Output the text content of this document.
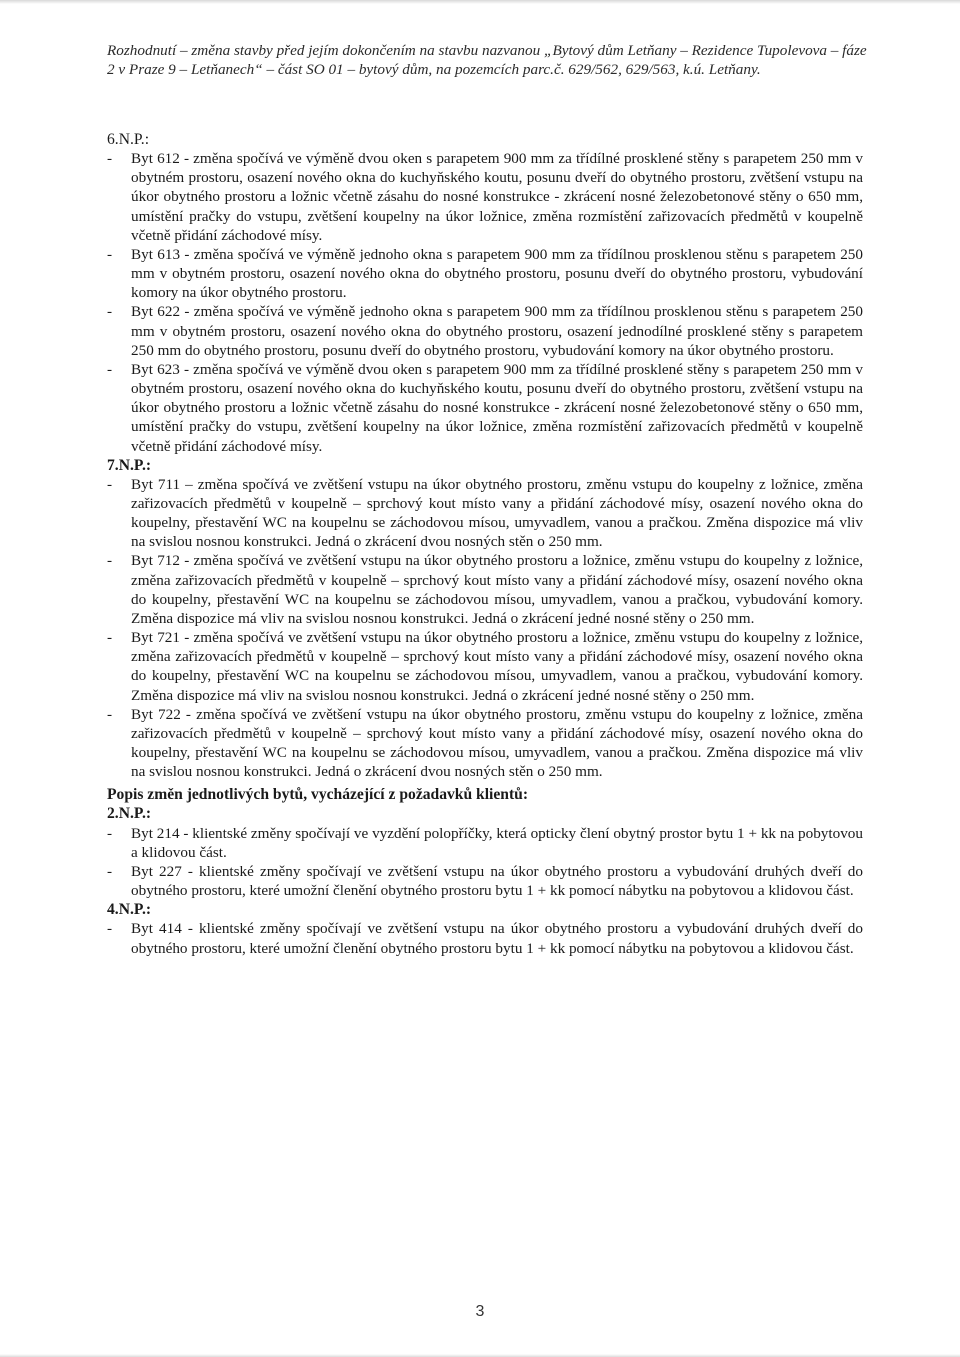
Rozhodnutí – změna stavby před jejím dokončením na stavbu nazvanou „Bytový dům Letňany – Rezidence Tupolevova – fáze 2 v Praze 9 – Letňanech“ – část SO 01 – bytový dům, na pozemcích parc.č. 629/562, 629/563, k.ú. Letňany.

6.N.P.:

- Byt 612 - změna spočívá ve výměně dvou oken s parapetem 900 mm za třídílné prosklené stěny s parapetem 250 mm v obytném prostoru, osazení nového okna do kuchyňského koutu, posunu dveří do obytného prostoru, zvětšení vstupu na úkor obytného prostoru a ložnic včetně zásahu do nosné konstrukce - zkrácení nosné železobetonové stěny o 650 mm, umístění pračky do vstupu, zvětšení koupelny na úkor ložnice, změna rozmístění zařizovacích předmětů v koupelně včetně přidání záchodové mísy.
- Byt 613 - změna spočívá ve výměně jednoho okna s parapetem 900 mm za třídílnou prosklenou stěnu s parapetem 250 mm v obytném prostoru, osazení nového okna do obytného prostoru, posunu dveří do obytného prostoru, vybudování komory na úkor obytného prostoru.
- Byt 622 - změna spočívá ve výměně jednoho okna s parapetem 900 mm za třídílnou prosklenou stěnu s parapetem 250 mm v obytném prostoru, osazení nového okna do obytného prostoru, osazení jednodílné prosklené stěny s parapetem 250 mm do obytného prostoru, posunu dveří do obytného prostoru, vybudování komory na úkor obytného prostoru.
- Byt 623 - změna spočívá ve výměně dvou oken s parapetem 900 mm za třídílné prosklené stěny s parapetem 250 mm v obytném prostoru, osazení nového okna do kuchyňského koutu, posunu dveří do obytného prostoru, zvětšení vstupu na úkor obytného prostoru a ložnic včetně zásahu do nosné konstrukce - zkrácení nosné železobetonové stěny o 650 mm, umístění pračky do vstupu, zvětšení koupelny na úkor ložnice, změna rozmístění zařizovacích předmětů v koupelně včetně přidání záchodové mísy.

7.N.P.:

- Byt 711 – změna spočívá ve zvětšení vstupu na úkor obytného prostoru, změnu vstupu do koupelny z ložnice, změna zařizovacích předmětů v koupelně – sprchový kout místo vany a přidání záchodové mísy, osazení nového okna do koupelny, přestavění WC na koupelnu se záchodovou mísou, umyvadlem, vanou a pračkou. Změna dispozice má vliv na svislou nosnou konstrukci. Jedná o zkrácení dvou nosných stěn o 250 mm.
- Byt 712 - změna spočívá ve zvětšení vstupu na úkor obytného prostoru a ložnice, změnu vstupu do koupelny z ložnice, změna zařizovacích předmětů v koupelně – sprchový kout místo vany a přidání záchodové mísy, osazení nového okna do koupelny, přestavění WC na koupelnu se záchodovou mísou, umyvadlem, vanou a pračkou, vybudování komory. Změna dispozice má vliv na svislou nosnou konstrukci. Jedná o zkrácení jedné nosné stěny o 250 mm.
- Byt 721 - změna spočívá ve zvětšení vstupu na úkor obytného prostoru a ložnice, změnu vstupu do koupelny z ložnice, změna zařizovacích předmětů v koupelně – sprchový kout místo vany a přidání záchodové mísy, osazení nového okna do koupelny, přestavění WC na koupelnu se záchodovou mísou, umyvadlem, vanou a pračkou, vybudování komory. Změna dispozice má vliv na svislou nosnou konstrukci. Jedná o zkrácení jedné nosné stěny o 250 mm.
- Byt 722 - změna spočívá ve zvětšení vstupu na úkor obytného prostoru, změnu vstupu do koupelny z ložnice, změna zařizovacích předmětů v koupelně – sprchový kout místo vany a přidání záchodové mísy, osazení nového okna do koupelny, přestavění WC na koupelnu se záchodovou mísou, umyvadlem, vanou a pračkou. Změna dispozice má vliv na svislou nosnou konstrukci. Jedná o zkrácení dvou nosných stěn o 250 mm.

Popis změn jednotlivých bytů, vycházející z požadavků klientů:

2.N.P.:

- Byt 214 - klientské změny spočívají ve vyzdění polopříčky, která opticky člení obytný prostor bytu 1 + kk na pobytovou a klidovou část.
- Byt 227 - klientské změny spočívají ve zvětšení vstupu na úkor obytného prostoru a vybudování druhých dveří do obytného prostoru, které umožní členění obytného prostoru bytu 1 + kk pomocí nábytku na pobytovou a klidovou část.

4.N.P.:

- Byt 414 - klientské změny spočívají ve zvětšení vstupu na úkor obytného prostoru a vybudování druhých dveří do obytného prostoru, které umožní členění obytného prostoru bytu 1 + kk pomocí nábytku na pobytovou a klidovou část.
3
